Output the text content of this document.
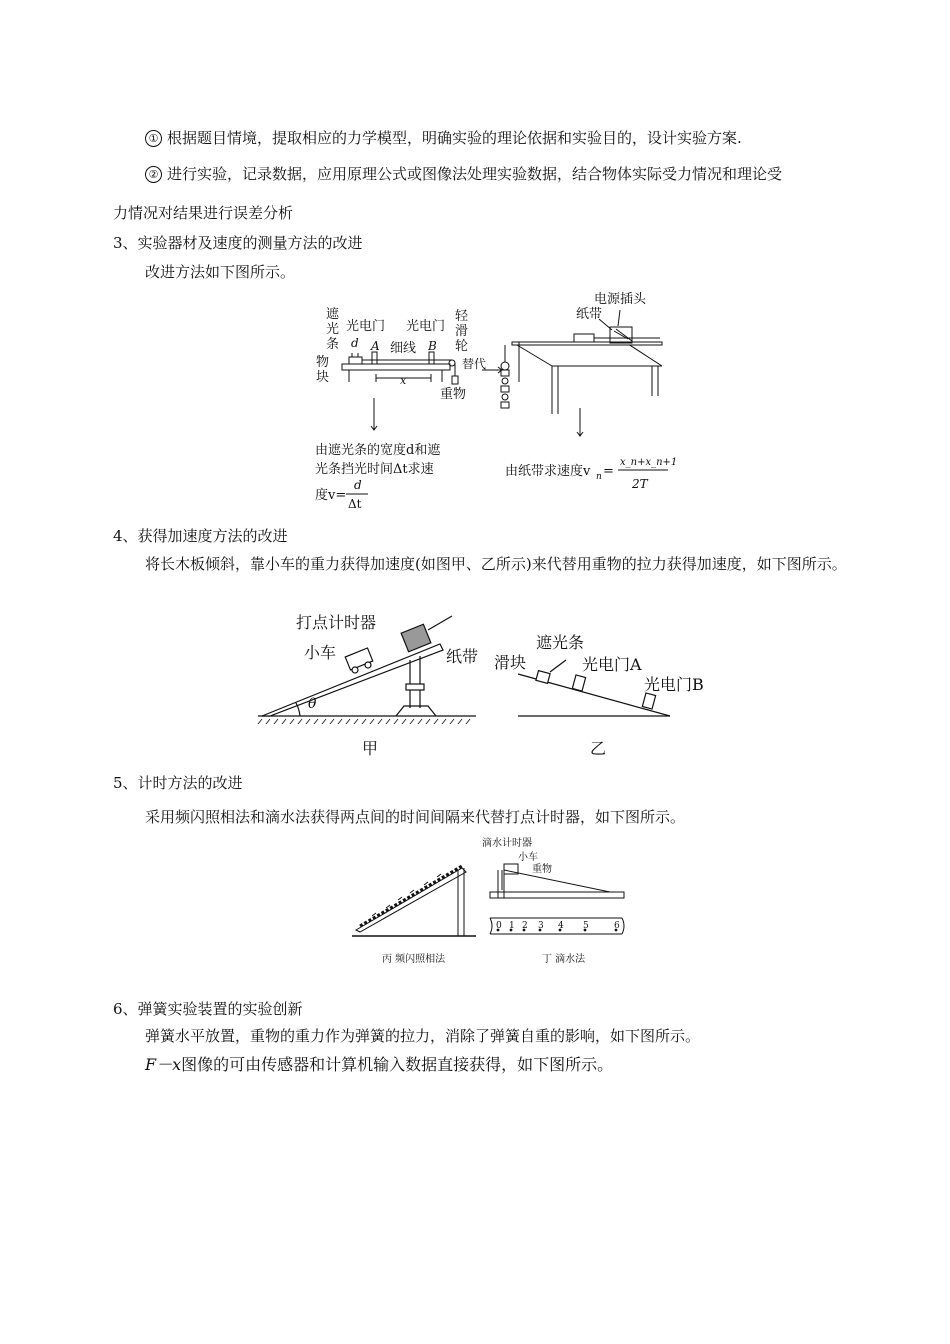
① 根据题目情境，提取相应的力学模型，明确实验的理论依据和实验目的，设计实验方案.
② 进行实验，记录数据，应用原理公式或图像法处理实验数据，结合物体实际受力情况和理论受
力情况对结果进行误差分析
3、实验器材及速度的测量方法的改进
改进方法如下图所示。
遮
光
条
物
块
光电门 光电门
d A	B
细线
轻
滑
轮
替代
重物
x
电源插头
纸带
由遮光条的宽度d和遮
光条挡光时间Δt求速
度v=
d
Δt
由纸带求速度v n =
x_n+x_n+1
2T
4、获得加速度方法的改进
将长木板倾斜，靠小车的重力获得加速度(如图甲、乙所示)来代替用重物的拉力获得加速度，如下图所示。
打点计时器
小车	纸带
θ
甲
遮光条
滑块	光电门A
光电门B
乙
5、计时方法的改进
采用频闪照相法和滴水法获得两点间的时间间隔来代替打点计时器，如下图所示。
0 1 2 3 4 5	6
滴水计时器
小车
重物
丙 频闪照相法	丁 滴水法
6、弹簧实验装置的实验创新
弹簧水平放置，重物的重力作为弹簧的拉力，消除了弹簧自重的影响，如下图所示。
F－x图像的可由传感器和计算机输入数据直接获得，如下图所示。
